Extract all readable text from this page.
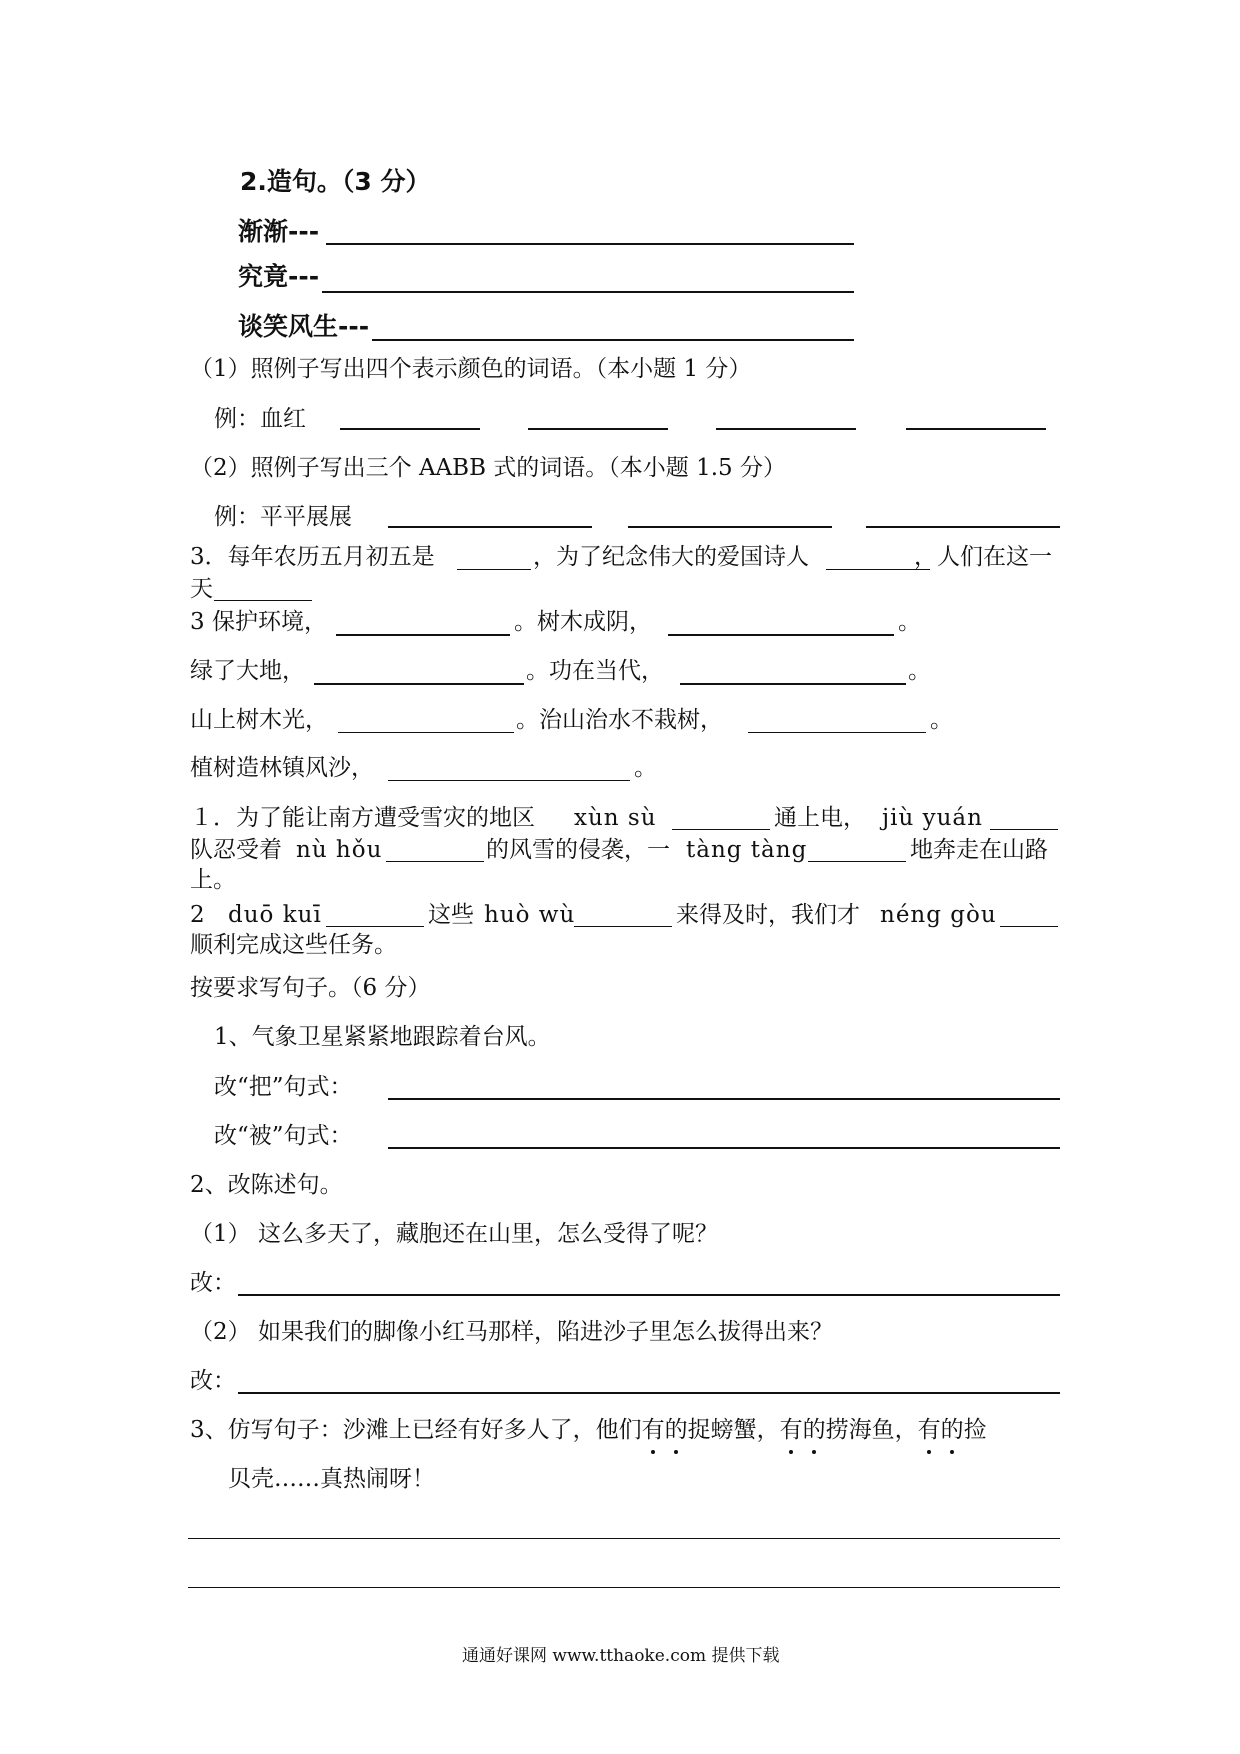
2.造句。（3 分）
渐渐---
究竟---
谈笑风生---
（1）照例子写出四个表示颜色的词语。（本小题 1 分）
例：血红
（2）照例子写出三个 AABB 式的词语。（本小题 1.5 分）
例：平平展展
3．每年农历五月初五是	，为了纪念伟大的爱国诗人	，人们在这一
天
3 保护环境，	。树木成阴，	。
绿了大地，	。功在当代，	。
山上树木光，	。治山治水不栽树，	。
植树造林镇风沙，	。
１．为了能让南方遭受雪灾的地区 xùn sù	通上电， jiù yuán
队忍受着 nù hǒu	的风雪的侵袭，一 tàng tàng	地奔走在山路
上。
2 duō kuī	这些 huò wù	来得及时，我们才 néng gòu
顺利完成这些任务。
按要求写句子。（6 分）
1、气象卫星紧紧地跟踪着台风。
改“把”句式：
改“被”句式：
2、改陈述句。
（1） 这么多天了，藏胞还在山里，怎么受得了呢？
改：
（2） 如果我们的脚像小红马那样，陷进沙子里怎么拔得出来？
改：
3、仿写句子：沙滩上已经有好多人了，他们有的捉螃蟹，有的捞海鱼，有的捡
贝壳……真热闹呀！
通通好课网 www.tthaoke.com 提供下载
